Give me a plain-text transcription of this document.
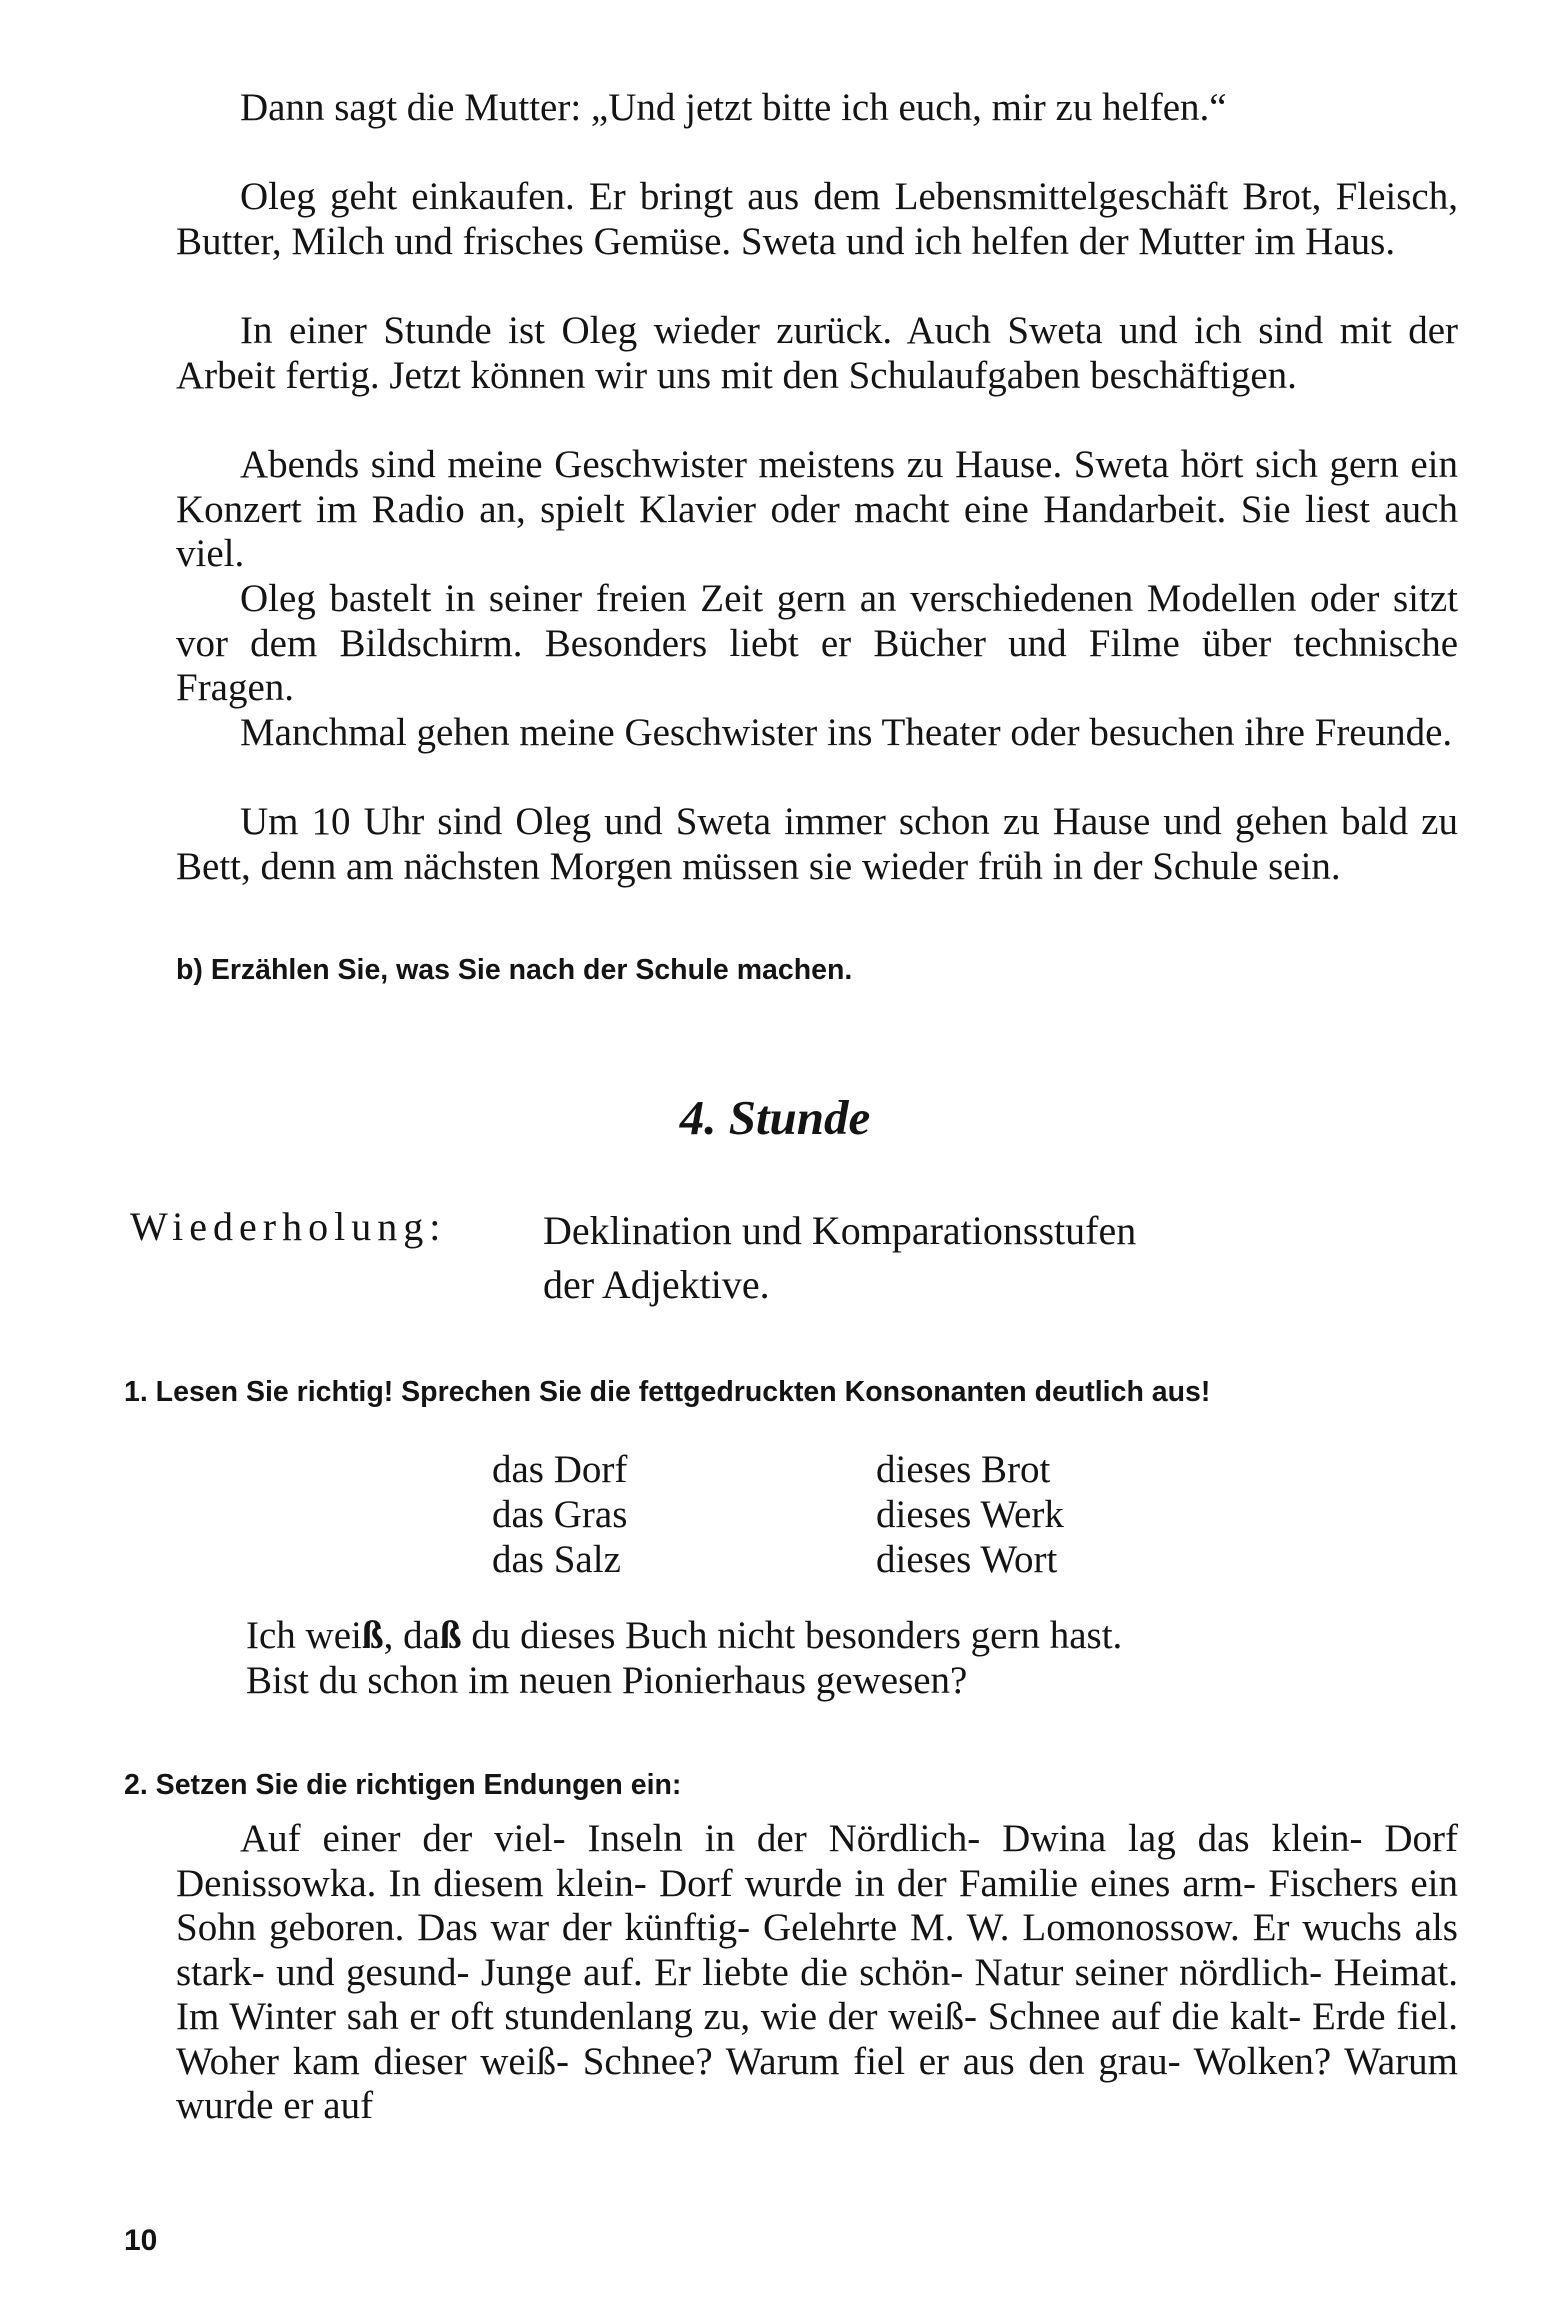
Dann sagt die Mutter: „Und jetzt bitte ich euch, mir zu helfen.“

Oleg geht einkaufen. Er bringt aus dem Lebensmittelgeschäft Brot, Fleisch, Butter, Milch und frisches Gemüse. Sweta und ich helfen der Mutter im Haus.

In einer Stunde ist Oleg wieder zurück. Auch Sweta und ich sind mit der Arbeit fertig. Jetzt können wir uns mit den Schulaufgaben beschäftigen.

Abends sind meine Geschwister meistens zu Hause. Sweta hört sich gern ein Konzert im Radio an, spielt Klavier oder macht eine Handarbeit. Sie liest auch viel.

Oleg bastelt in seiner freien Zeit gern an verschiedenen Modellen oder sitzt vor dem Bildschirm. Besonders liebt er Bücher und Filme über technische Fragen.

Manchmal gehen meine Geschwister ins Theater oder besuchen ihre Freunde.

Um 10 Uhr sind Oleg und Sweta immer schon zu Hause und gehen bald zu Bett, denn am nächsten Morgen müssen sie wieder früh in der Schule sein.

b) Erzählen Sie, was Sie nach der Schule machen.

4. Stunde
Wiederholung: Deklination und Komparationsstufen
der Adjektive.

1. Lesen Sie richtig! Sprechen Sie die fettgedruckten Konsonanten deutlich aus!

das Dorf
das Gras
das Salz
dieses Brot
dieses Werk
dieses Wort
Ich weiß, daß du dieses Buch nicht besonders gern hast.
Bist du schon im neuen Pionierhaus gewesen?

2. Setzen Sie die richtigen Endungen ein:

Auf einer der viel- Inseln in der Nördlich- Dwina lag das klein- Dorf Denissowka. In diesem klein- Dorf wurde in der Familie eines arm- Fischers ein Sohn geboren. Das war der künftig- Gelehrte M. W. Lomonossow. Er wuchs als stark- und gesund- Junge auf. Er liebte die schön- Natur seiner nördlich- Heimat. Im Winter sah er oft stundenlang zu, wie der weiß- Schnee auf die kalt- Erde fiel. Woher kam dieser weiß- Schnee? Warum fiel er aus den grau- Wolken? Warum wurde er auf

10
